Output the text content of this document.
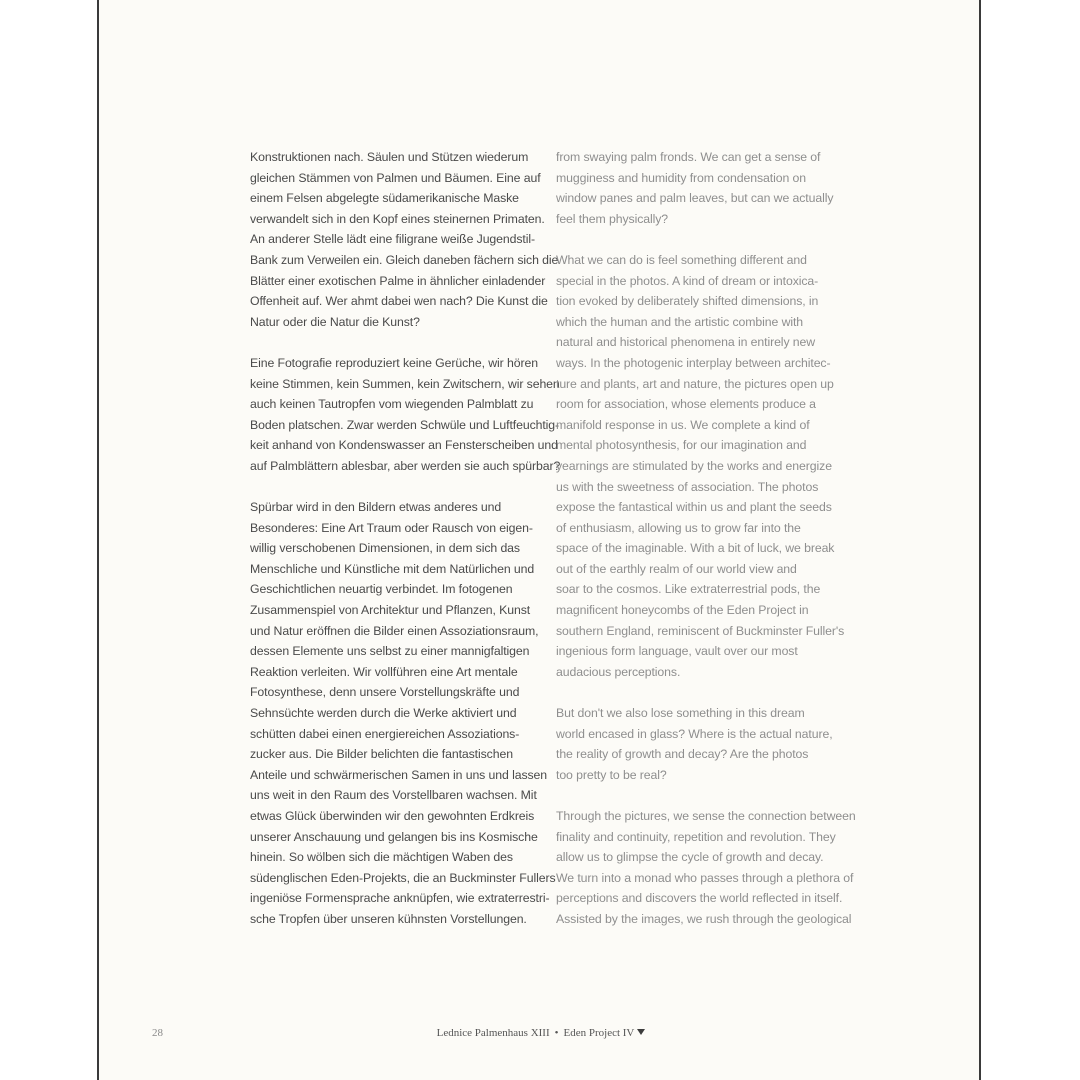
Konstruktionen nach. Säulen und Stützen wiederum
gleichen Stämmen von Palmen und Bäumen. Eine auf
einem Felsen abgelegte südamerikanische Maske
verwandelt sich in den Kopf eines steinernen Primaten.
An anderer Stelle lädt eine filigrane weiße Jugendstil-
Bank zum Verweilen ein. Gleich daneben fächern sich die
Blätter einer exotischen Palme in ähnlicher einladender
Offenheit auf. Wer ahmt dabei wen nach? Die Kunst die
Natur oder die Natur die Kunst?

Eine Fotografie reproduziert keine Gerüche, wir hören
keine Stimmen, kein Summen, kein Zwitschern, wir sehen
auch keinen Tautropfen vom wiegenden Palmblatt zu
Boden platschen. Zwar werden Schwüle und Luftfeuchtig-
keit anhand von Kondenswasser an Fensterscheiben und
auf Palmblättern ablesbar, aber werden sie auch spürbar?

Spürbar wird in den Bildern etwas anderes und
Besonderes: Eine Art Traum oder Rausch von eigen-
willig verschobenen Dimensionen, in dem sich das
Menschliche und Künstliche mit dem Natürlichen und
Geschichtlichen neuartig verbindet. Im fotogenen
Zusammenspiel von Architektur und Pflanzen, Kunst
und Natur eröffnen die Bilder einen Assoziationsraum,
dessen Elemente uns selbst zu einer mannigfaltigen
Reaktion verleiten. Wir vollführen eine Art mentale
Fotosynthese, denn unsere Vorstellungskräfte und
Sehnsüchte werden durch die Werke aktiviert und
schütten dabei einen energiereichen Assoziations-
zucker aus. Die Bilder belichten die fantastischen
Anteile und schwärmerischen Samen in uns und lassen
uns weit in den Raum des Vorstellbaren wachsen. Mit
etwas Glück überwinden wir den gewohnten Erdkreis
unserer Anschauung und gelangen bis ins Kosmische
hinein. So wölben sich die mächtigen Waben des
südenglischen Eden-Projekts, die an Buckminster Fullers
ingeniöse Formensprache anknüpfen, wie extraterrestri-
sche Tropfen über unseren kühnsten Vorstellungen.

from swaying palm fronds. We can get a sense of
mugginess and humidity from condensation on
window panes and palm leaves, but can we actually
feel them physically?

What we can do is feel something different and
special in the photos. A kind of dream or intoxica-
tion evoked by deliberately shifted dimensions, in
which the human and the artistic combine with
natural and historical phenomena in entirely new
ways. In the photogenic interplay between architec-
ture and plants, art and nature, the pictures open up
room for association, whose elements produce a
manifold response in us. We complete a kind of
mental photosynthesis, for our imagination and
yearnings are stimulated by the works and energize
us with the sweetness of association. The photos
expose the fantastical within us and plant the seeds
of enthusiasm, allowing us to grow far into the
space of the imaginable. With a bit of luck, we break
out of the earthly realm of our world view and
soar to the cosmos. Like extraterrestrial pods, the
magnificent honeycombs of the Eden Project in
southern England, reminiscent of Buckminster Fuller's
ingenious form language, vault over our most
audacious perceptions.

But don't we also lose something in this dream
world encased in glass? Where is the actual nature,
the reality of growth and decay? Are the photos
too pretty to be real?

Through the pictures, we sense the connection between
finality and continuity, repetition and revolution. They
allow us to glimpse the cycle of growth and decay.
We turn into a monad who passes through a plethora of
perceptions and discovers the world reflected in itself.
Assisted by the images, we rush through the geological

28	Lednice Palmenhaus XIII • Eden Project IV
